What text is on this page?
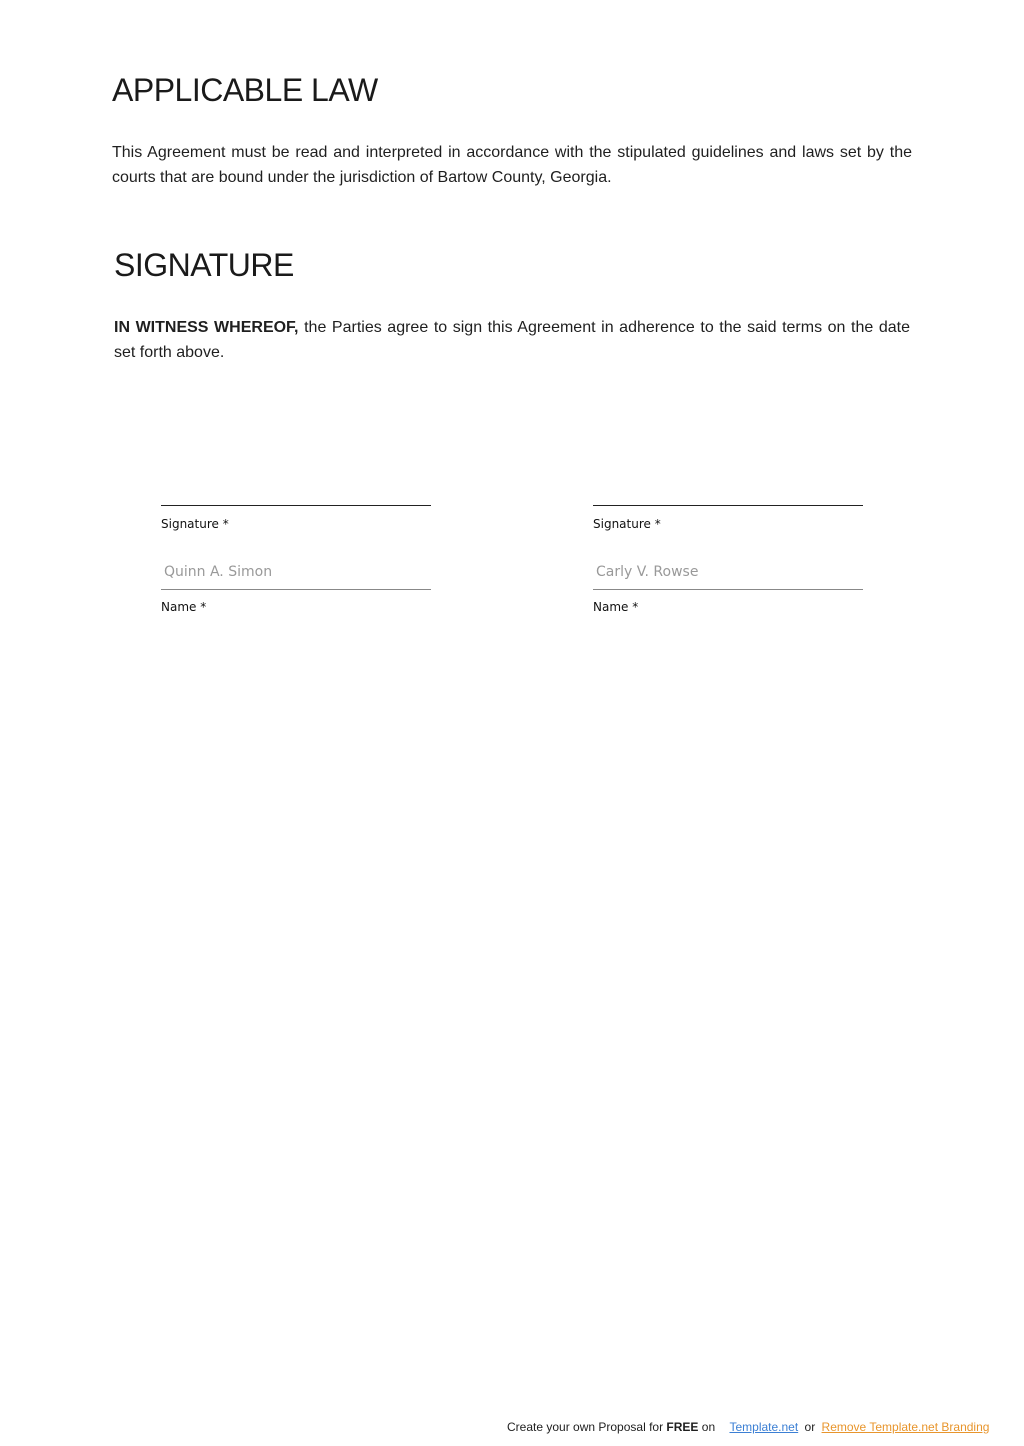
APPLICABLE LAW

This Agreement must be read and interpreted in accordance with the stipulated guidelines and laws set by the courts that are bound under the jurisdiction of Bartow County, Georgia.

SIGNATURE

IN WITNESS WHEREOF, the Parties agree to sign this Agreement in adherence to the said terms on the date set forth above.

Signature *
Quinn A. Simon
Name *
Signature *
Carly V. Rowse
Name *
Create your own Proposal for FREE on Template.net or Remove Template.net Branding
